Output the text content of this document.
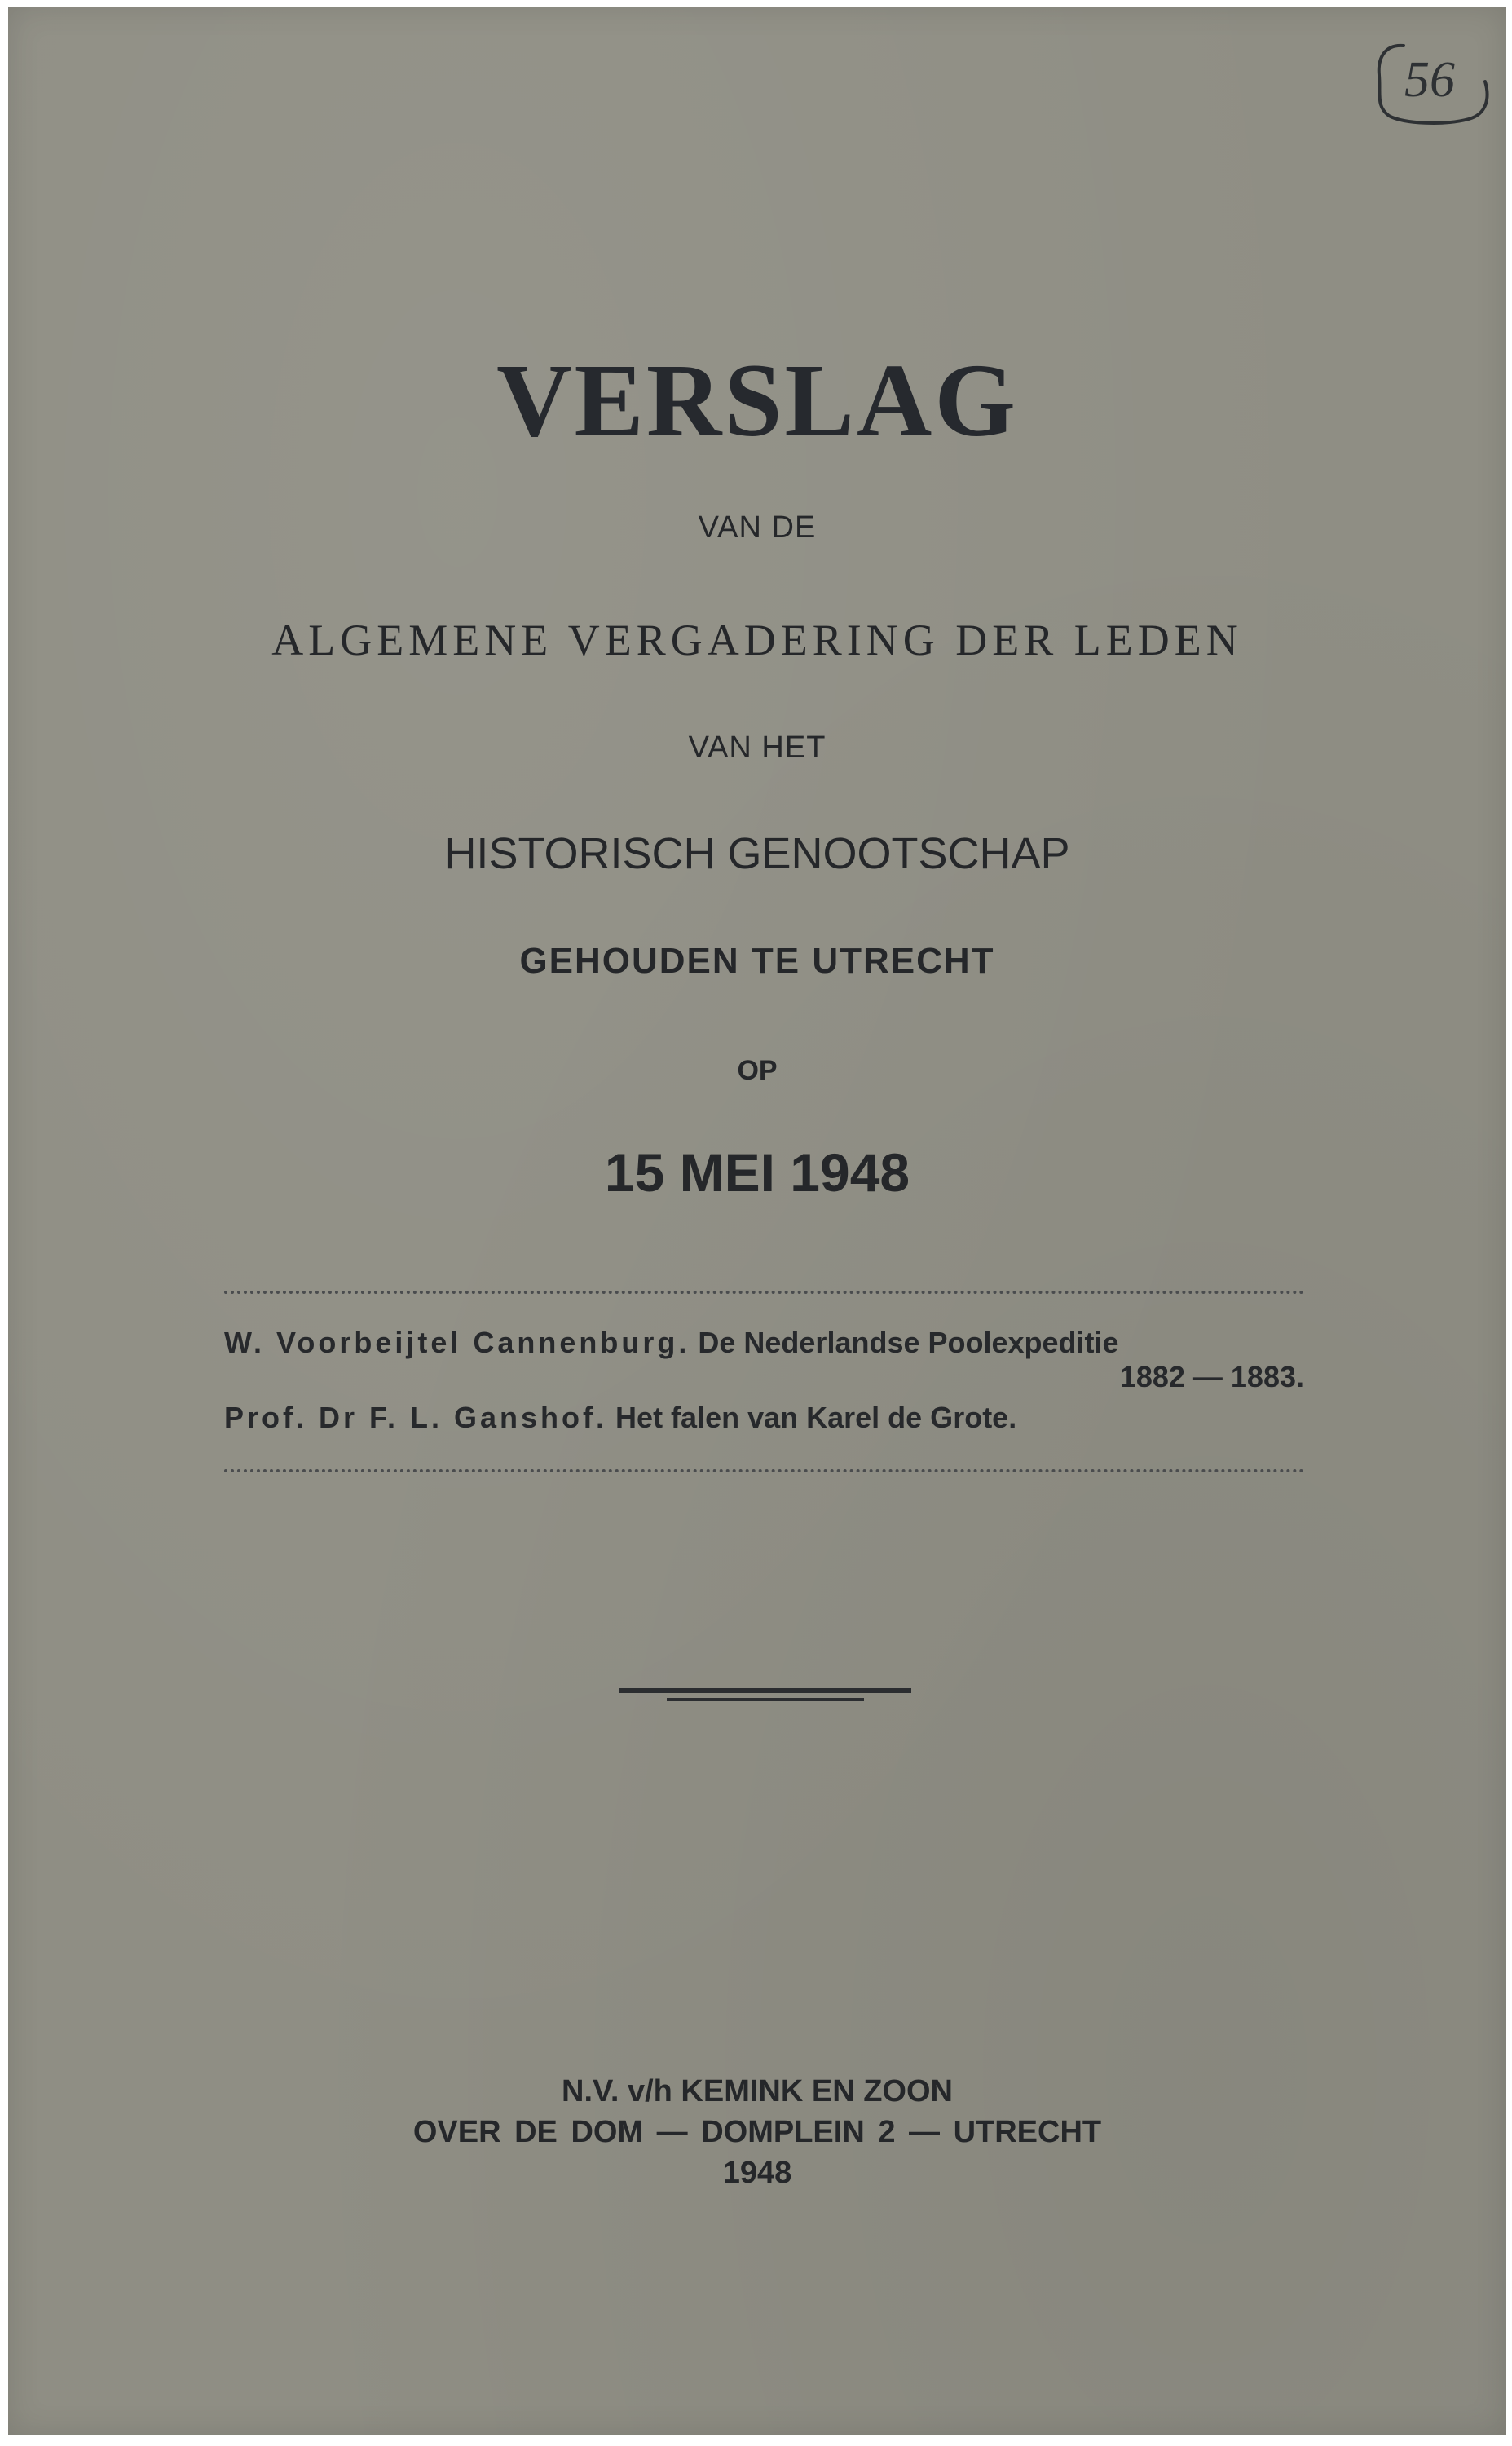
VERSLAG

VAN DE

ALGEMENE VERGADERING DER LEDEN

VAN HET

HISTORISCH GENOOTSCHAP

GEHOUDEN TE UTRECHT

OP

15 MEI 1948

W. Voorbeijtel Cannenburg. De Nederlandse Poolexpeditie
1882 — 1883.
Prof. Dr F. L. Ganshof. Het falen van Karel de Grote.

N.V. v/h KEMINK EN ZOON

OVER DE DOM — DOMPLEIN 2 — UTRECHT

1948

56
